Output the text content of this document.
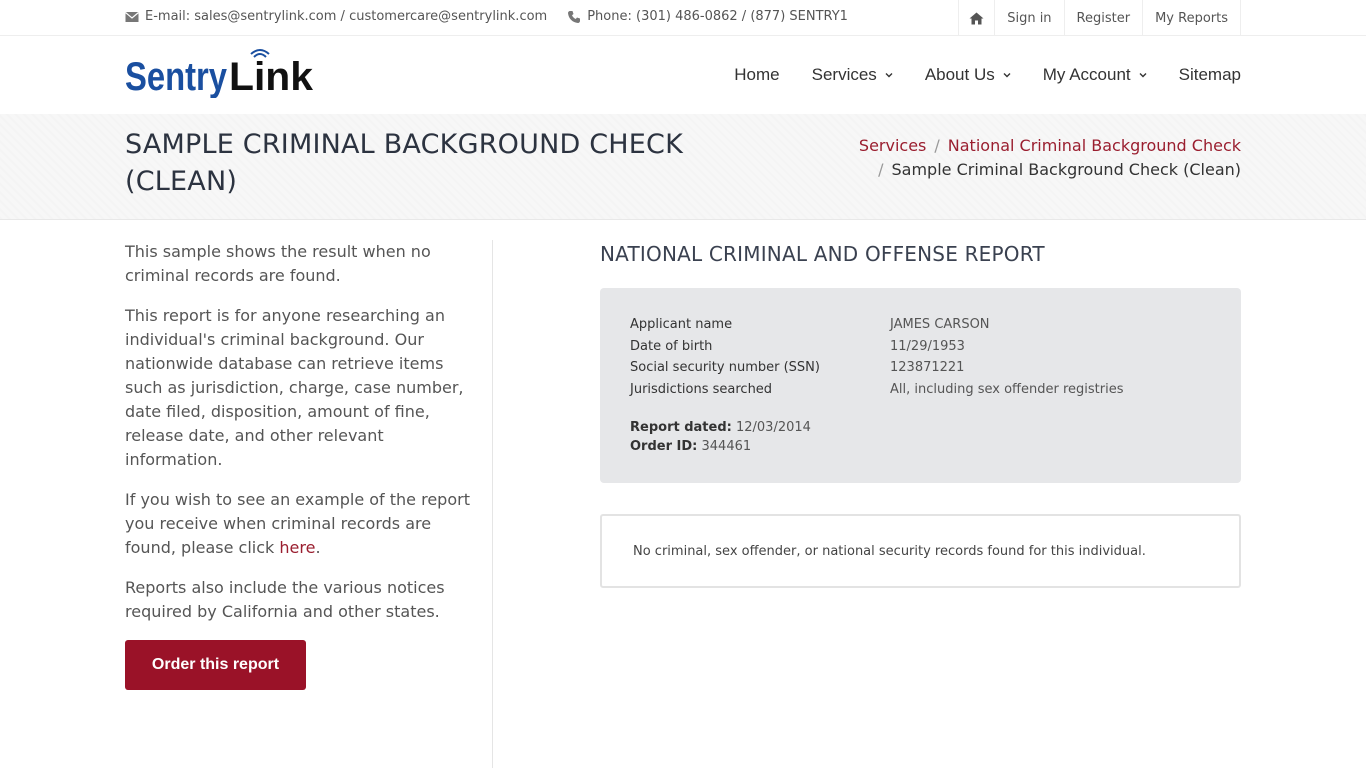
E-mail: sales@sentrylink.com / customercare@sentrylink.com	Phone: (301) 486-0862 / (877) SENTRY1	Sign in	Register	My Reports
Sentry Link	Home Services	About Us	My Account	Sitemap
SAMPLE CRIMINAL BACKGROUND CHECK (CLEAN)
Services / National Criminal Background Check
/ Sample Criminal Background Check (Clean)

This sample shows the result when no criminal records are found.

This report is for anyone researching an individual's criminal background. Our nationwide database can retrieve items such as jurisdiction, charge, case number, date filed, disposition, amount of fine, release date, and other relevant information.

If you wish to see an example of the report you receive when criminal records are found, please click here.

Reports also include the various notices required by California and other states.

Order this report
NATIONAL CRIMINAL AND OFFENSE REPORT
Applicant name	JAMES CARSON
Date of birth	11/29/1953
Social security number (SSN)	123871221
Jurisdictions searched	All, including sex offender registries
Report dated: 12/03/2014
Order ID: 344461
No criminal, sex offender, or national security records found for this individual.
